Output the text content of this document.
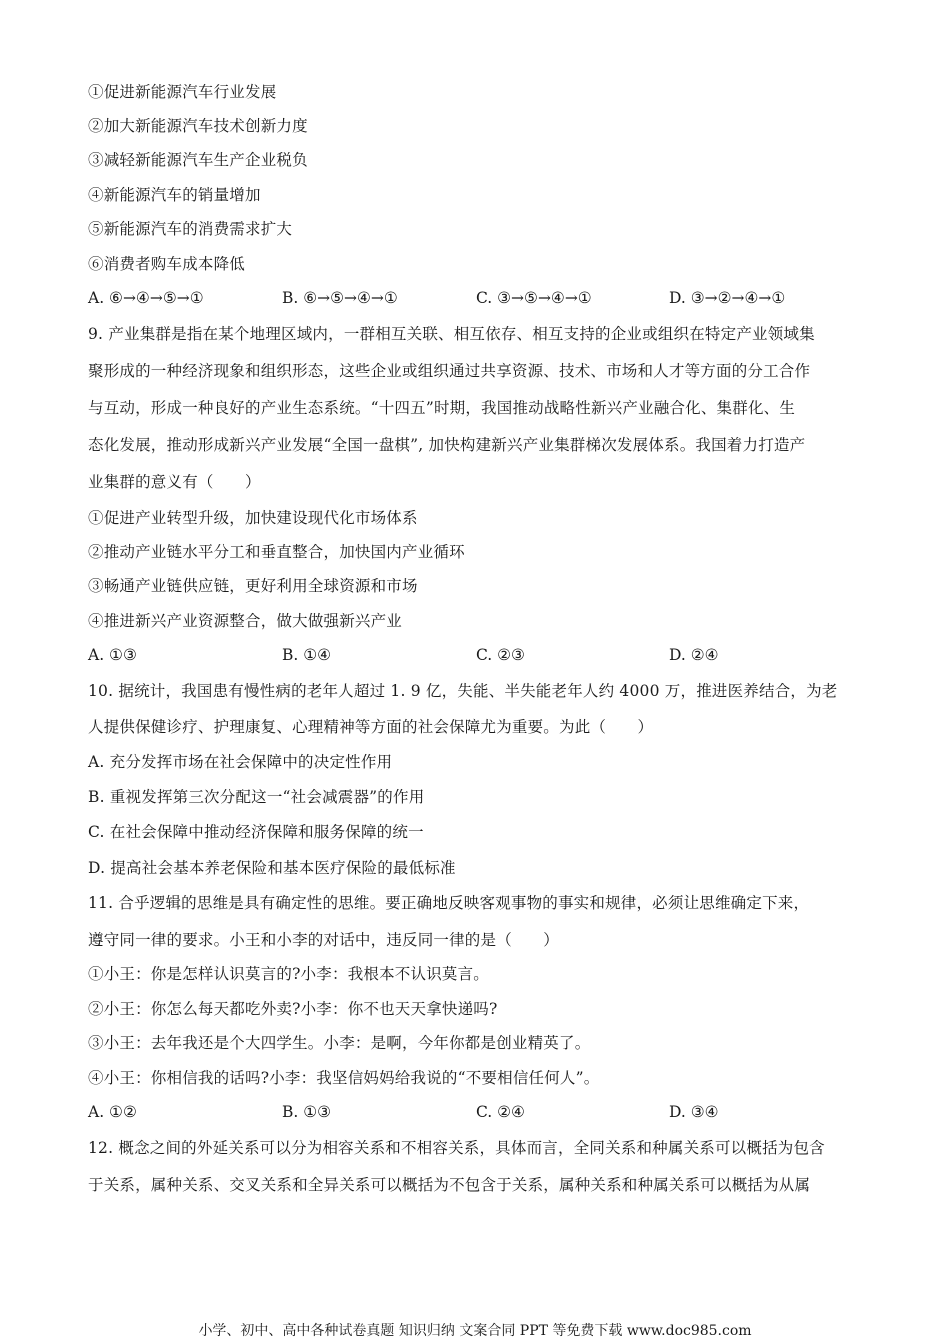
①促进新能源汽车行业发展
②加大新能源汽车技术创新力度
③减轻新能源汽车生产企业税负
④新能源汽车的销量增加
⑤新能源汽车的消费需求扩大
⑥消费者购车成本降低
A. ⑥→④→⑤→①	B. ⑥→⑤→④→①	C. ③→⑤→④→①	D. ③→②→④→①
9. 产业集群是指在某个地理区域内，一群相互关联、相互依存、相互支持的企业或组织在特定产业领域集
聚形成的一种经济现象和组织形态，这些企业或组织通过共享资源、技术、市场和人才等方面的分工合作
与互动，形成一种良好的产业生态系统。“十四五”时期，我国推动战略性新兴产业融合化、集群化、生
态化发展，推动形成新兴产业发展“全国一盘棋”, 加快构建新兴产业集群梯次发展体系。我国着力打造产
业集群的意义有（　　）
①促进产业转型升级，加快建设现代化市场体系
②推动产业链水平分工和垂直整合，加快国内产业循环
③畅通产业链供应链，更好利用全球资源和市场
④推进新兴产业资源整合，做大做强新兴产业
A. ①③	B. ①④	C. ②③	D. ②④
10. 据统计，我国患有慢性病的老年人超过 1. 9 亿，失能、半失能老年人约 4000 万，推进医养结合，为老
人提供保健诊疗、护理康复、心理精神等方面的社会保障尤为重要。为此（　　）
A. 充分发挥市场在社会保障中的决定性作用
B. 重视发挥第三次分配这一“社会减震器”的作用
C. 在社会保障中推动经济保障和服务保障的统一
D. 提高社会基本养老保险和基本医疗保险的最低标准
11. 合乎逻辑的思维是具有确定性的思维。要正确地反映客观事物的事实和规律，必须让思维确定下来，
遵守同一律的要求。小王和小李的对话中，违反同一律的是（　　）
①小王：你是怎样认识莫言的?小李：我根本不认识莫言。
②小王：你怎么每天都吃外卖?小李：你不也天天拿快递吗?
③小王：去年我还是个大四学生。小李：是啊，今年你都是创业精英了。
④小王：你相信我的话吗?小李：我坚信妈妈给我说的“不要相信任何人”。
A. ①②	B. ①③	C. ②④	D. ③④
12. 概念之间的外延关系可以分为相容关系和不相容关系，具体而言，全同关系和种属关系可以概括为包含
于关系，属种关系、交叉关系和全异关系可以概括为不包含于关系，属种关系和种属关系可以概括为从属
小学、初中、高中各种试卷真题 知识归纳 文案合同 PPT 等免费下载 www.doc985.com
